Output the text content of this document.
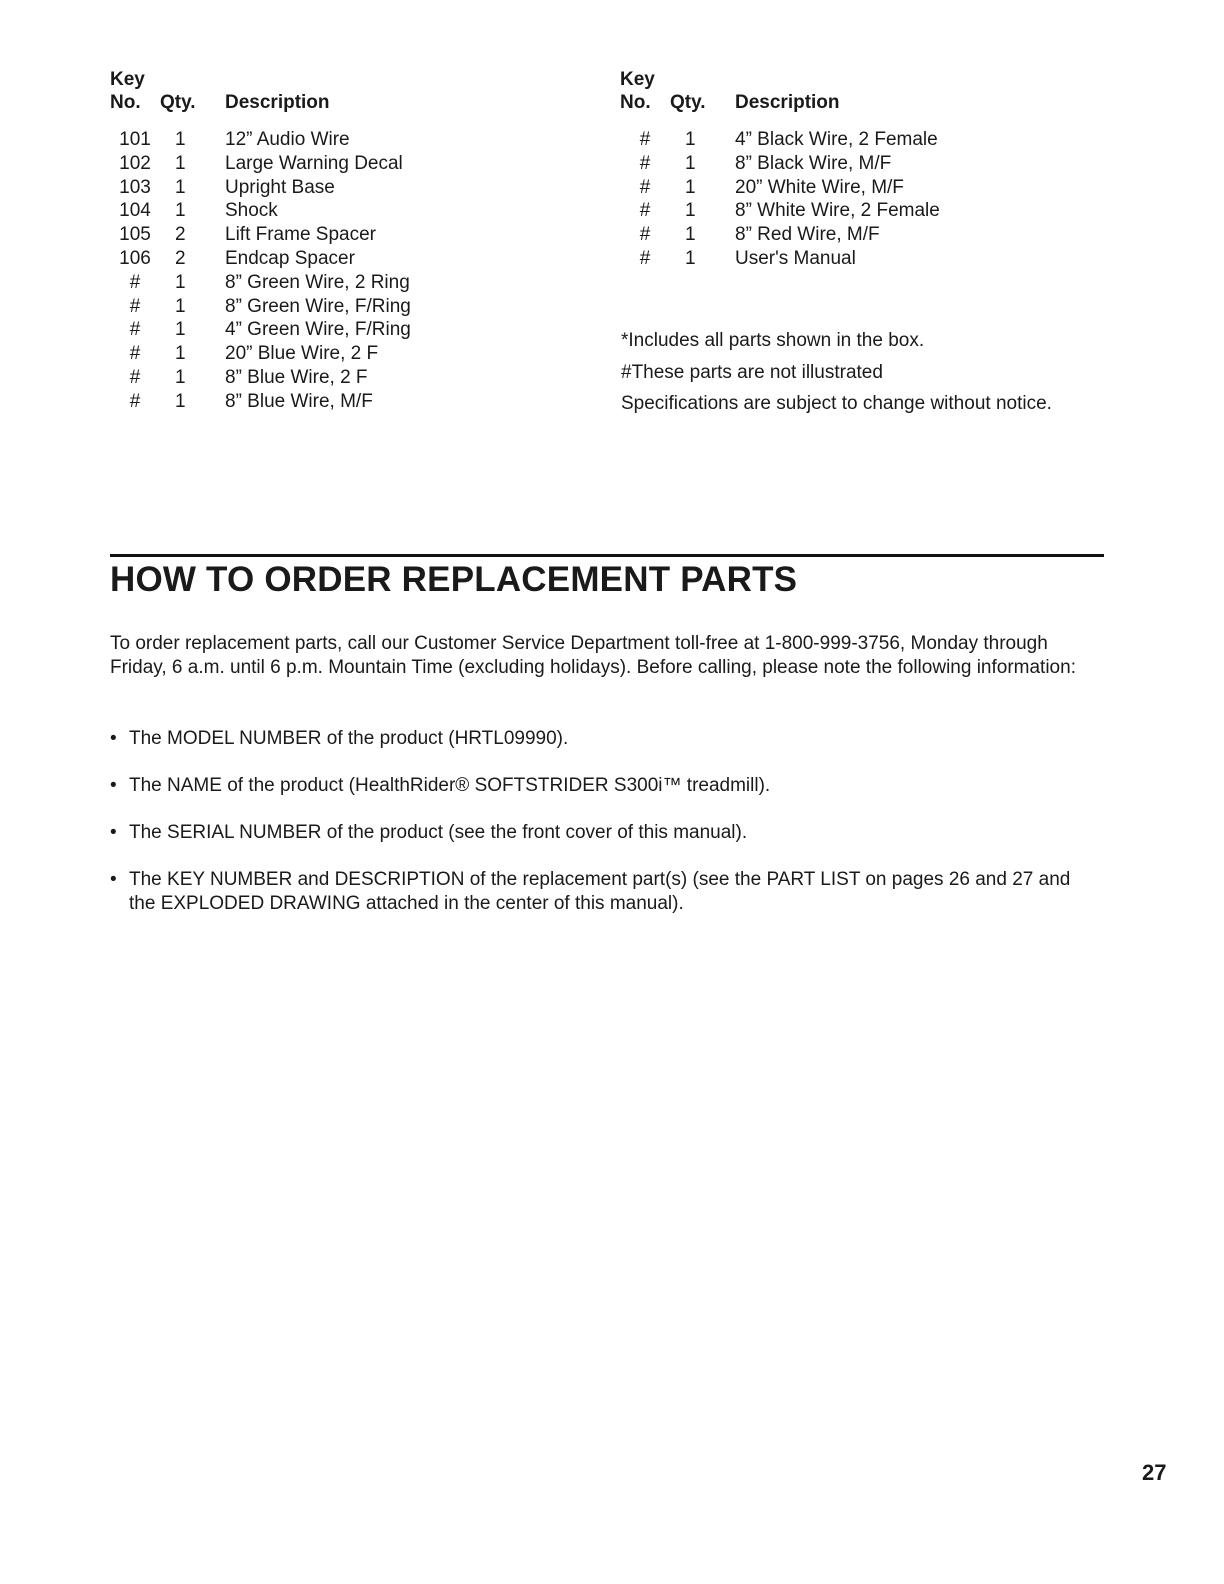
Key
No.	Qty.	Description
101	1	12” Audio Wire
102	1	Large Warning Decal
103	1	Upright Base
104	1	Shock
105	2	Lift Frame Spacer
106	2	Endcap Spacer
#	1	8” Green Wire, 2 Ring
#	1	8” Green Wire, F/Ring
#	1	4” Green Wire, F/Ring
#	1	20” Blue Wire, 2 F
#	1	8” Blue Wire, 2 F
#	1	8” Blue Wire, M/F
Key
No.	Qty.	Description
#	1	4” Black Wire, 2 Female
#	1	8” Black Wire, M/F
#	1	20” White Wire, M/F
#	1	8” White Wire, 2 Female
#	1	8” Red Wire, M/F
#	1	User's Manual

*Includes all parts shown in the box.

#These parts are not illustrated

Specifications are subject to change without notice.

HOW TO ORDER REPLACEMENT PARTS

To order replacement parts, call our Customer Service Department toll-free at 1-800-999-3756, Monday through Friday, 6 a.m. until 6 p.m. Mountain Time (excluding holidays). Before calling, please note the following information:

• The MODEL NUMBER of the product (HRTL09990).
• The NAME of the product (HealthRider® SOFTSTRIDER S300i™ treadmill).
• The SERIAL NUMBER of the product (see the front cover of this manual).
• The KEY NUMBER and DESCRIPTION of the replacement part(s) (see the PART LIST on pages 26 and 27 and the EXPLODED DRAWING attached in the center of this manual).
27
